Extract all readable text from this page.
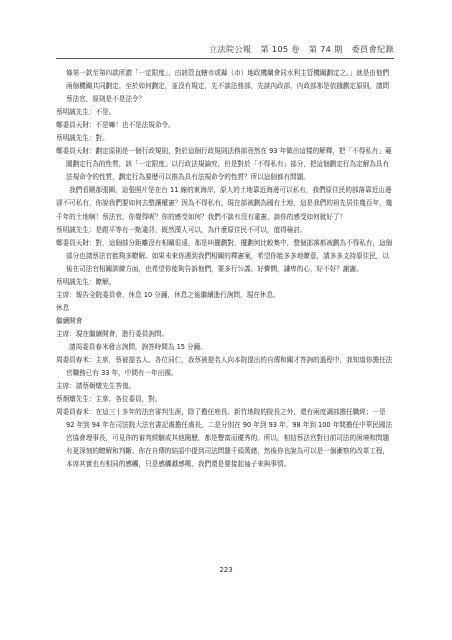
立法院公報 第 105 卷 第 74 期 委員會紀錄

條第一款至第四款所謂「一定限度」，由該管直轄市或縣（市）地政機關會同水利主管機關劃定之。」就是由他們兩個機關共同劃定，至於如何劃定，並沒有規定，先不談法務部，先談內政部，內政部那是依據劃定原則，請問蔡法官，原則是不是法令？

蔡明誠先生：不是。

鄭委員天財：不是嘛！也不是法規命令。

蔡明誠先生：對。

鄭委員天財：劃定原則是一個行政規則，對於這個行政規則法務部竟然在 93 年做出這樣的解釋，把「不得私有」範圍劃定行為的性質，該「一定限度」以行政法規論究，但是對於「不得私有」部分，把這個劃定行為定解為具有法規命令的性質，劃定行為要歷可以推為具有法規命令的性質？所以這個都有問題。

我們看剛那張圖，這張照片是在台 11 線的東海岸，原人的土地靠近海邊可以私有，我們原住民的部落靠近山邊卻不可私有，你說我們要如何去整讓權憲？因為不得私有，現在部被劃為國有土地，這是我們的祖先居住幾百年，幾千年的土地啊！蔡法官，你覺得呢？你的感受如何？我們不談有沒有違憲，談你的感受如何就好了！

蔡明誠先生：是跟平等有一點違背，既然漢人可以，為什麼原住民不可以，值得檢討。

鄭委員天財：對，這個部分距離沒有相關很遠，那是叫擺劃對，擺劃何比較集中，整個部落都被劃為不得私有，這個部分也請蔡法官能夠多瞭解。如果未來你遇到我們相關的釋憲案，希望你能多多地瞭意，請多多支持原住民，以後在司法官相關訓練方面，也希望你能夠告訴他們，要多行公義、好憐憫，謙卑的心，好不好？謝謝。

蔡明誠先生：瞭解。

主席：報告全院委員會，休息 10 分鐘，休息之後繼續進行詢問，現在休息。

休息

繼續開會

主席：現在繼續開會，進行委員詢問。

請周委員春米發言詢問，詢答時間為 15 分鐘。

周委員春米：主席，蔡被提名人、各位同仁，我蔡被提名人向本院提出的自傳和關才答詢的過程中，我知道你擔任法官職務已有 33 年，中間有一年出國。

主席：請蔡炯燉先生答復。

蔡炯燉先生：主席、各位委員，對。

周委員春米：在這三十多年的法官審判生涯，除了擔任庭長、新竹地院的院長之外，還有兩度調部擔任職經；一是 92 年到 94 年在司法院大法官書記處擔任處長，二是分別在 90 年到 93 年、98 年到 100 年間擔任中華民國法官協會理事長，可見你的審判經驗或其他閱歷，都是豐富而優秀的。所以，相信蔡法官對目前司法的困境和問題有更深刻的瞭解和判斷。你在自傳的結語中提到司法問題千頭萬緒，然後你也說為可以是一個漸察的改革工程，本席其實也有相同的感觸，只是感觸越感嘆，我們還是要接起袖子來與事情。

223
